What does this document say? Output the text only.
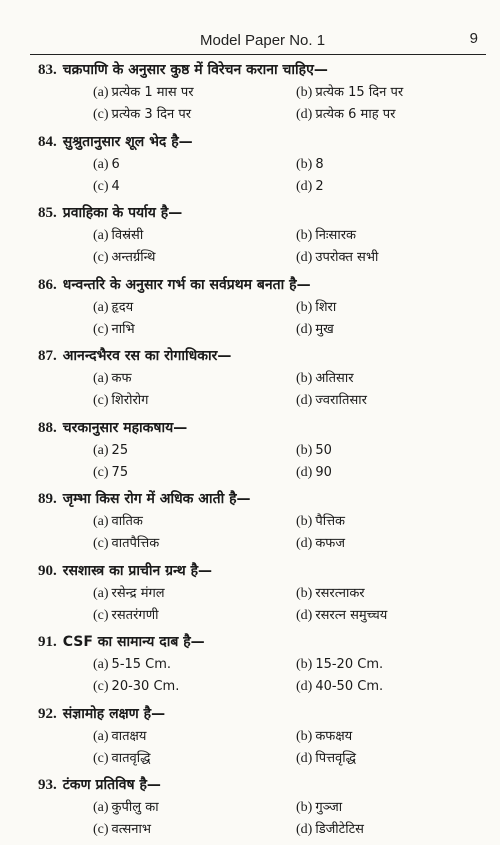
Model Paper No. 1	9
83. चक्रपाणि के अनुसार कुष्ठ में विरेचन कराना चाहिए—
(a) प्रत्येक 1 मास पर	(b) प्रत्येक 15 दिन पर
(c) प्रत्येक 3 दिन पर	(d) प्रत्येक 6 माह पर
84. सुश्रुतानुसार शूल भेद है—
(a) 6	(b) 8
(c) 4	(d) 2
85. प्रवाहिका के पर्याय है—
(a) विस्रंसी	(b) निःसारक
(c) अन्तर्ग्रन्थि	(d) उपरोक्त सभी
86. धन्वन्तरि के अनुसार गर्भ का सर्वप्रथम बनता है—
(a) हृदय	(b) शिरा
(c) नाभि	(d) मुख
87. आनन्दभैरव रस का रोगाधिकार—
(a) कफ	(b) अतिसार
(c) शिरोरोग	(d) ज्वरातिसार
88. चरकानुसार महाकषाय—
(a) 25	(b) 50
(c) 75	(d) 90
89. जृम्भा किस रोग में अधिक आती है—
(a) वातिक	(b) पैत्तिक
(c) वातपैत्तिक	(d) कफज
90. रसशास्त्र का प्राचीन ग्रन्थ है—
(a) रसेन्द्र मंगल	(b) रसरत्नाकर
(c) रसतरंगणी	(d) रसरत्न समुच्चय
91. CSF का सामान्य दाब है—
(a) 5-15 Cm.	(b) 15-20 Cm.
(c) 20-30 Cm.	(d) 40-50 Cm.
92. संज्ञामोह लक्षण है—
(a) वातक्षय	(b) कफक्षय
(c) वातवृद्धि	(d) पित्तवृद्धि
93. टंकण प्रतिविष है—
(a) कुपीलु का	(b) गुञ्जा
(c) वत्सनाभ	(d) डिजीटेटिस
